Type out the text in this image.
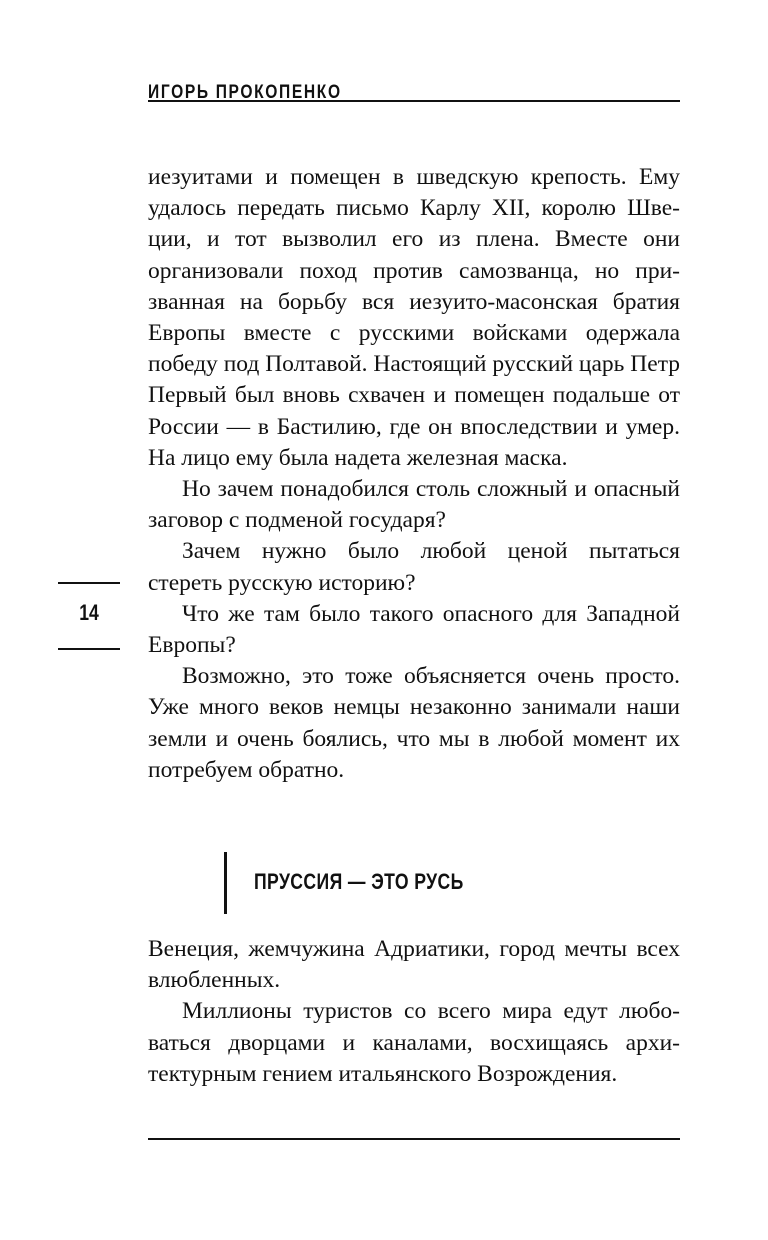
ИГОРЬ ПРОКОПЕНКО

иезуитами и помещен в шведскую крепость. Ему удалось передать письмо Карлу XII, королю Швеции, и тот вызволил его из плена. Вместе они организовали поход против самозванца, но призванная на борьбу вся иезуито-масонская братия Европы вместе с русскими войсками одержала победу под Полтавой. Настоящий русский царь Петр Первый был вновь схвачен и помещен подальше от России — в Бастилию, где он впоследствии и умер. На лицо ему была надета железная маска.

Но зачем понадобился столь сложный и опасный заговор с подменой государя?

Зачем нужно было любой ценой пытаться стереть русскую историю?

Что же там было такого опасного для Западной Европы?

Возможно, это тоже объясняется очень просто. Уже много веков немцы незаконно занимали наши земли и очень боялись, что мы в любой момент их потребуем обратно.

14
ПРУССИЯ — ЭТО РУСЬ

Венеция, жемчужина Адриатики, город мечты всех влюбленных.

Миллионы туристов со всего мира едут любоваться дворцами и каналами, восхищаясь архитектурным гением итальянского Возрождения.
